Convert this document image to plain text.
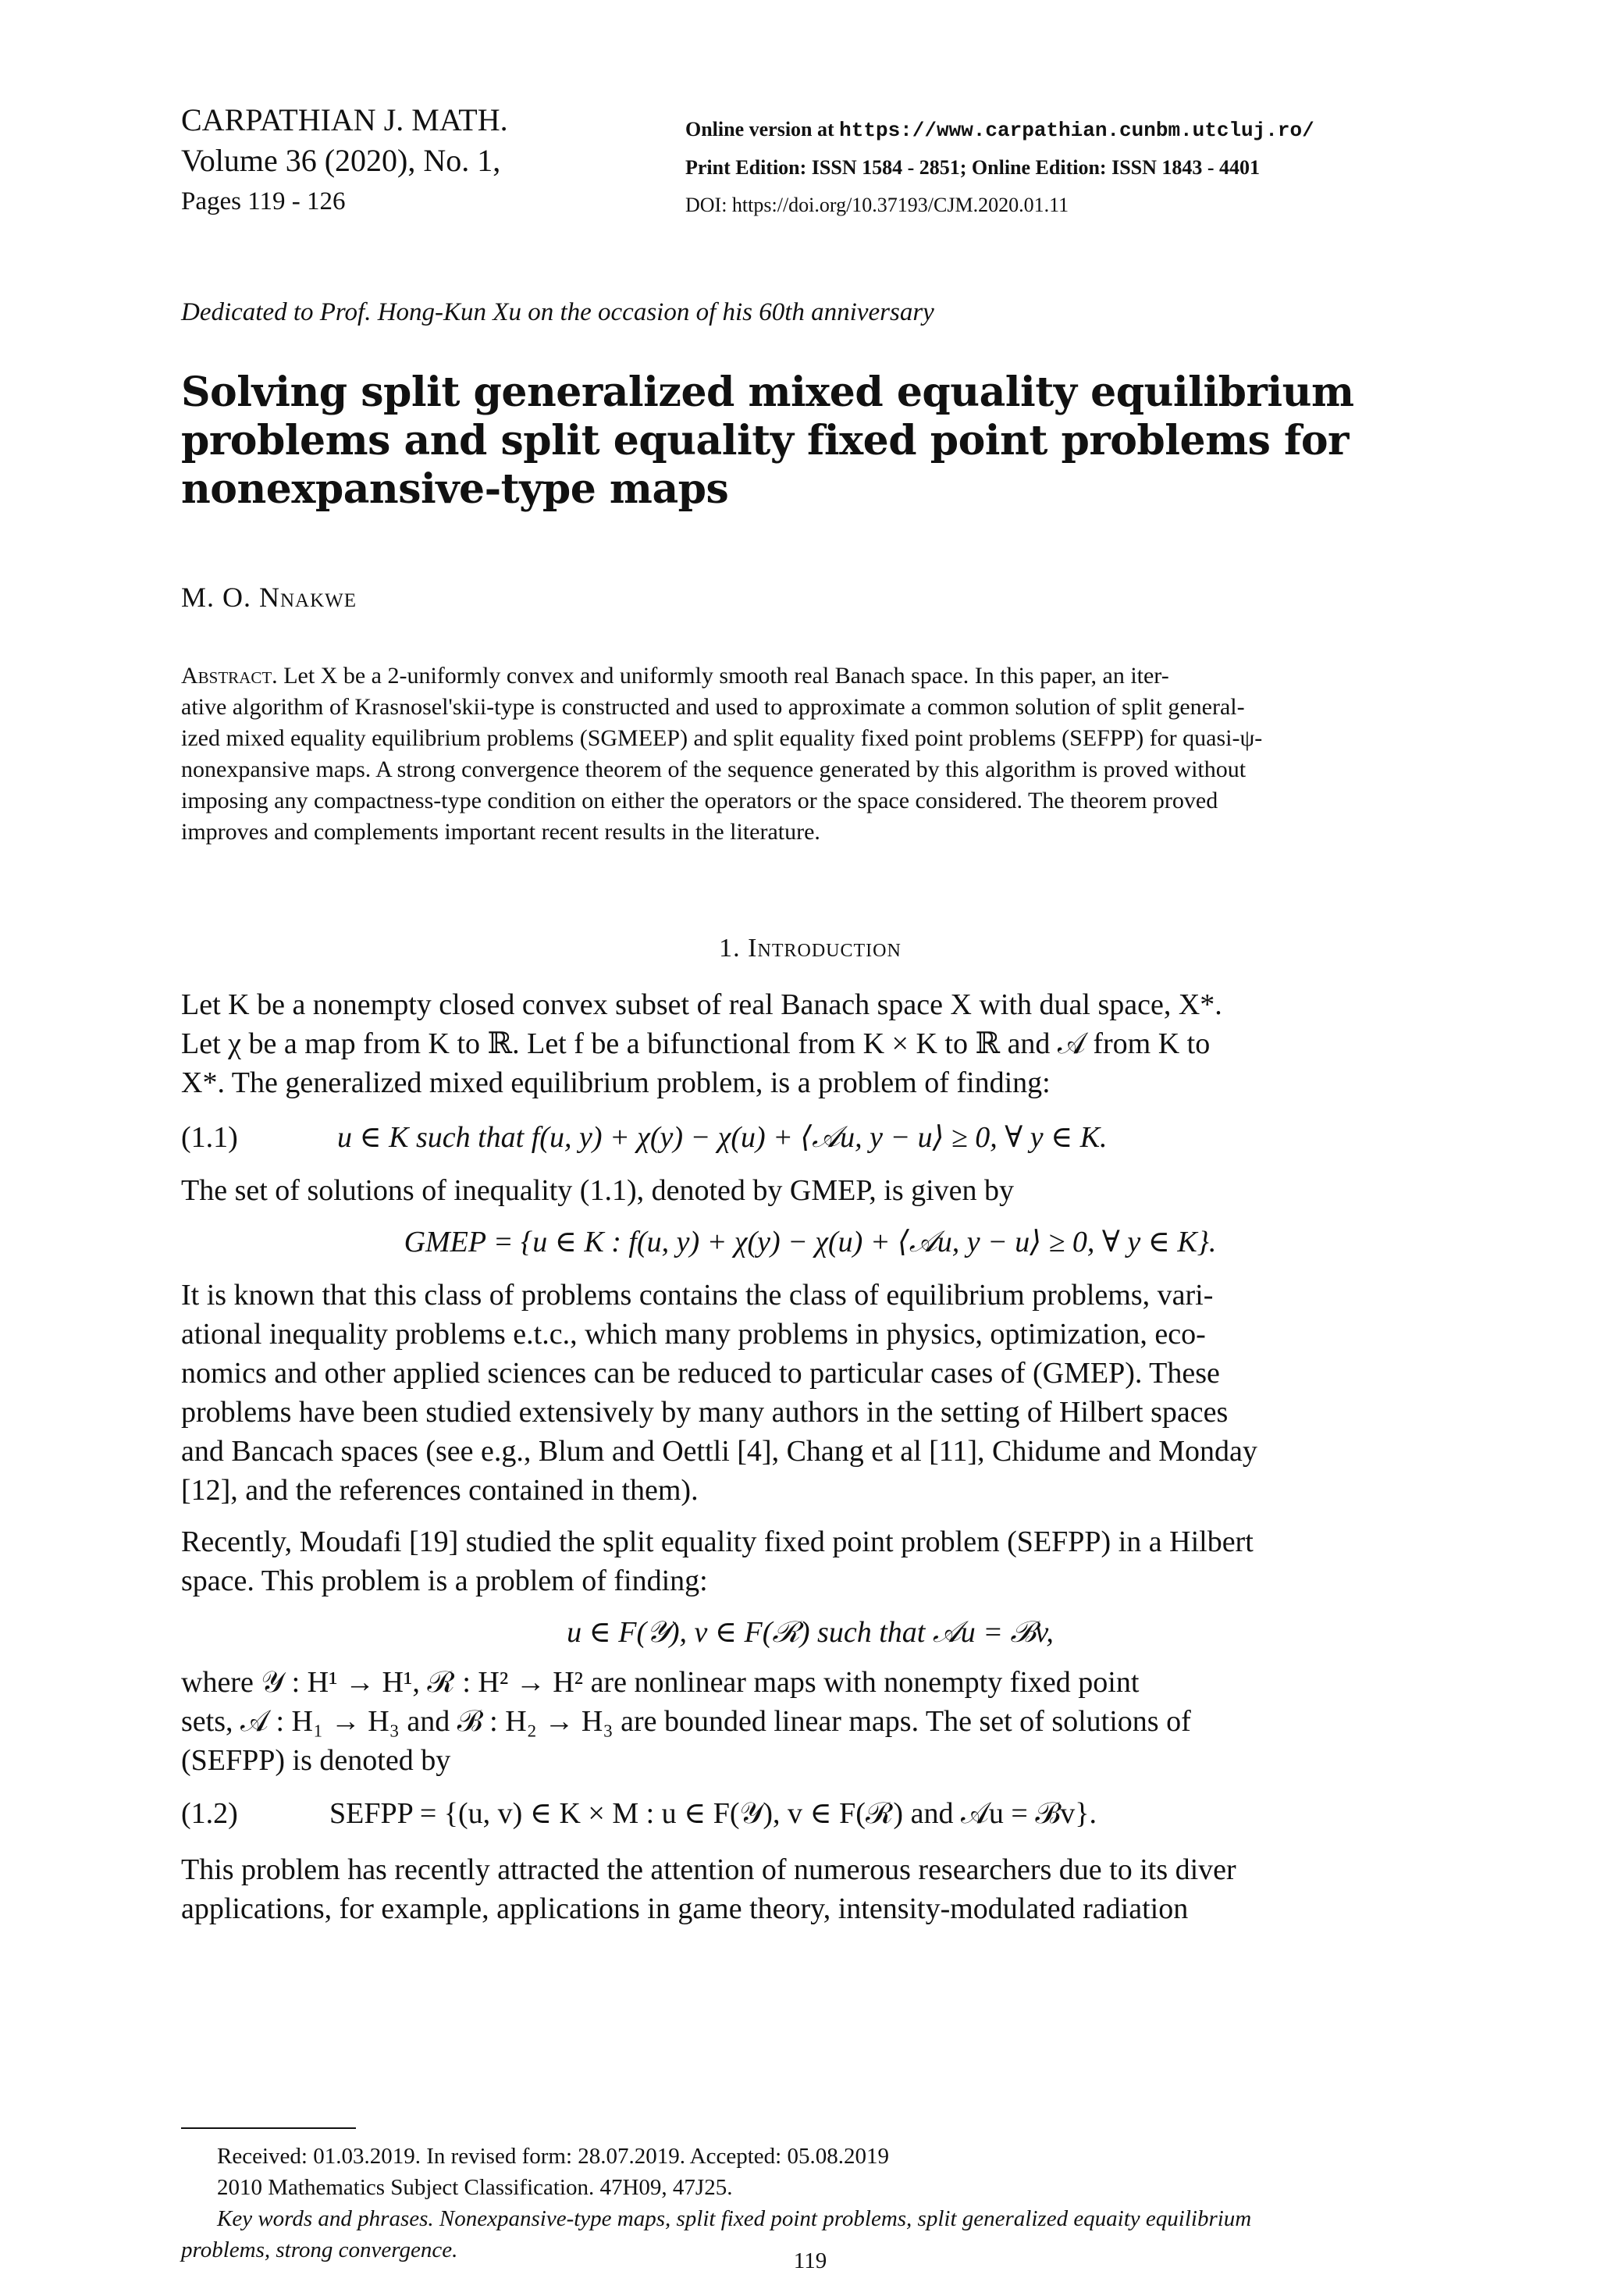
CARPATHIAN J. MATH.
Volume 36 (2020), No. 1,
Pages 119 - 126
Online version at https://www.carpathian.cunbm.utcluj.ro/
Print Edition: ISSN 1584 - 2851; Online Edition: ISSN 1843 - 4401
DOI: https://doi.org/10.37193/CJM.2020.01.11
Dedicated to Prof. Hong-Kun Xu on the occasion of his 60th anniversary
Solving split generalized mixed equality equilibrium
problems and split equality fixed point problems for
nonexpansive-type maps
M. O. Nnakwe
Abstract. Let X be a 2-uniformly convex and uniformly smooth real Banach space. In this paper, an iter-
ative algorithm of Krasnosel'skii-type is constructed and used to approximate a common solution of split general-
ized mixed equality equilibrium problems (SGMEEP) and split equality fixed point problems (SEFPP) for quasi-ψ-
nonexpansive maps. A strong convergence theorem of the sequence generated by this algorithm is proved without
imposing any compactness-type condition on either the operators or the space considered. The theorem proved
improves and complements important recent results in the literature.
1. Introduction
Let K be a nonempty closed convex subset of real Banach space X with dual space, X*.
Let χ be a map from K to ℝ. Let f be a bifunctional from K × K to ℝ and 𝒜 from K to
X*. The generalized mixed equilibrium problem, is a problem of finding:
(1.1)	u ∈ K such that f(u, y) + χ(y) − χ(u) + ⟨𝒜u, y − u⟩ ≥ 0, ∀ y ∈ K.
The set of solutions of inequality (1.1), denoted by GMEP, is given by
GMEP = {u ∈ K : f(u, y) + χ(y) − χ(u) + ⟨𝒜u, y − u⟩ ≥ 0, ∀ y ∈ K}.
It is known that this class of problems contains the class of equilibrium problems, vari-
ational inequality problems e.t.c., which many problems in physics, optimization, eco-
nomics and other applied sciences can be reduced to particular cases of (GMEP). These
problems have been studied extensively by many authors in the setting of Hilbert spaces
and Bancach spaces (see e.g., Blum and Oettli [4], Chang et al [11], Chidume and Monday
[12], and the references contained in them).
Recently, Moudafi [19] studied the split equality fixed point problem (SEFPP) in a Hilbert
space. This problem is a problem of finding:
u ∈ F(𝒴), v ∈ F(ℛ) such that 𝒜u = ℬv,
where 𝒴 : H¹ → H¹, ℛ : H² → H² are nonlinear maps with nonempty fixed point
sets, 𝒜 : H₁ → H₃ and ℬ : H₂ → H₃ are bounded linear maps. The set of solutions of
(SEFPP) is denoted by
(1.2)	SEFPP = {(u, v) ∈ K × M : u ∈ F(𝒴), v ∈ F(ℛ) and 𝒜u = ℬv}.
This problem has recently attracted the attention of numerous researchers due to its diver
applications, for example, applications in game theory, intensity-modulated radiation
Received: 01.03.2019. In revised form: 28.07.2019. Accepted: 05.08.2019
2010 Mathematics Subject Classification. 47H09, 47J25.
Key words and phrases. Nonexpansive-type maps, split fixed point problems, split generalized equaity equilibrium
problems, strong convergence.	119
